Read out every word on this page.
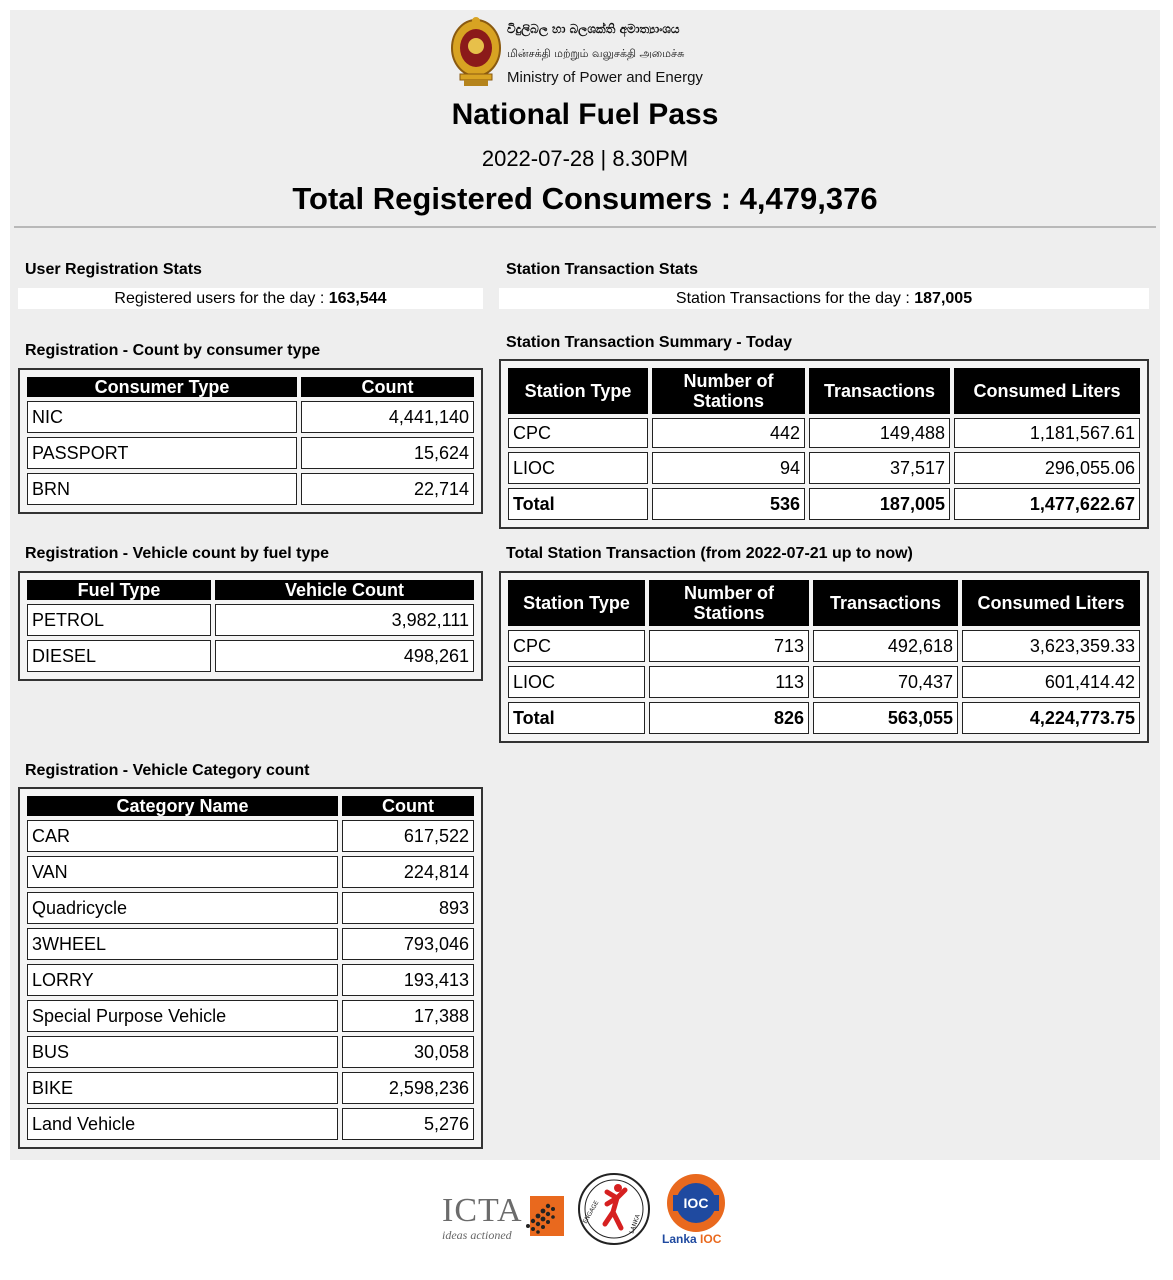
විදුලිබල හා බලශක්ති අමාත්‍යාංශය
மின்சக்தி மற்றும் வலுசக்தி அமைச்சு
Ministry of Power and Energy
National Fuel Pass
2022-07-28 | 8.30PM
Total Registered Consumers : 4,479,376
User Registration Stats
Registered users for the day : 163,544
Registration - Count by consumer type
Consumer Type	Count
NIC	4,441,140
PASSPORT	15,624
BRN	22,714
Registration - Vehicle count by fuel type
Fuel Type	Vehicle Count
PETROL	3,982,111
DIESEL	498,261
Registration - Vehicle Category count
Category Name	Count
CAR	617,522
VAN	224,814
Quadricycle	893
3WHEEL	793,046
LORRY	193,413
Special Purpose Vehicle	17,388
BUS	30,058
BIKE	2,598,236
Land Vehicle	5,276
Station Transaction Stats
Station Transactions for the day : 187,005
Station Transaction Summary - Today
Station Type	Number of Stations	Transactions	Consumed Liters
CPC	442	149,488	1,181,567.61
LIOC	94	37,517	296,055.06
Total	536	187,005	1,477,622.67
Total Station Transaction (from 2022-07-21 up to now)
Station Type	Number of Stations	Transactions	Consumed Liters
CPC	713	492,618	3,623,359.33
LIOC	113	70,437	601,414.42
Total	826	563,055	4,224,773.75
ICTA
ideas actioned
ENGAGE	LANKA
IOC
Lanka IOC
